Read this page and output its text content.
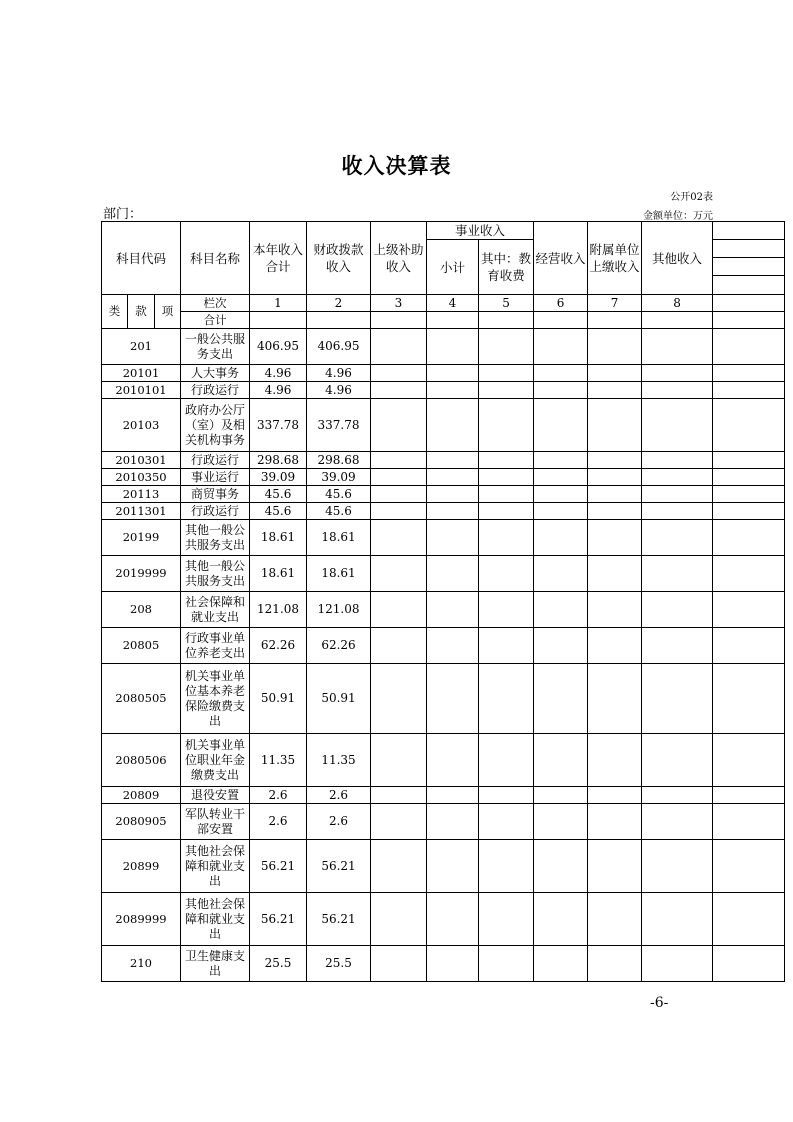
收入决算表
公开02表
部门：	金额单位：万元
科目代码			科目名称	本年收入合计	财政拨款收入	上级补助收入	事业收入		经营收入	附属单位上缴收入	其他收入	
							小计	其中：教育收费				

类	款	项	栏次	1	2	3	4	5	6	7	8	
			合计									
201			一般公共服务支出	406.95	406.95							
20101			人大事务	4.96	4.96							
2010101			行政运行	4.96	4.96							
20103			政府办公厅（室）及相关机构事务	337.78	337.78							
2010301			行政运行	298.68	298.68							
2010350			事业运行	39.09	39.09							
20113			商贸事务	45.6	45.6							
2011301			行政运行	45.6	45.6							
20199			其他一般公共服务支出	18.61	18.61							
2019999			其他一般公共服务支出	18.61	18.61							
208			社会保障和就业支出	121.08	121.08							
20805			行政事业单位养老支出	62.26	62.26							
2080505			机关事业单位基本养老保险缴费支出	50.91	50.91							
2080506			机关事业单位职业年金缴费支出	11.35	11.35							
20809			退役安置	2.6	2.6							
2080905			军队转业干部安置	2.6	2.6							
20899			其他社会保障和就业支出	56.21	56.21							
2089999			其他社会保障和就业支出	56.21	56.21							
210			卫生健康支出	25.5	25.5							
-6-
